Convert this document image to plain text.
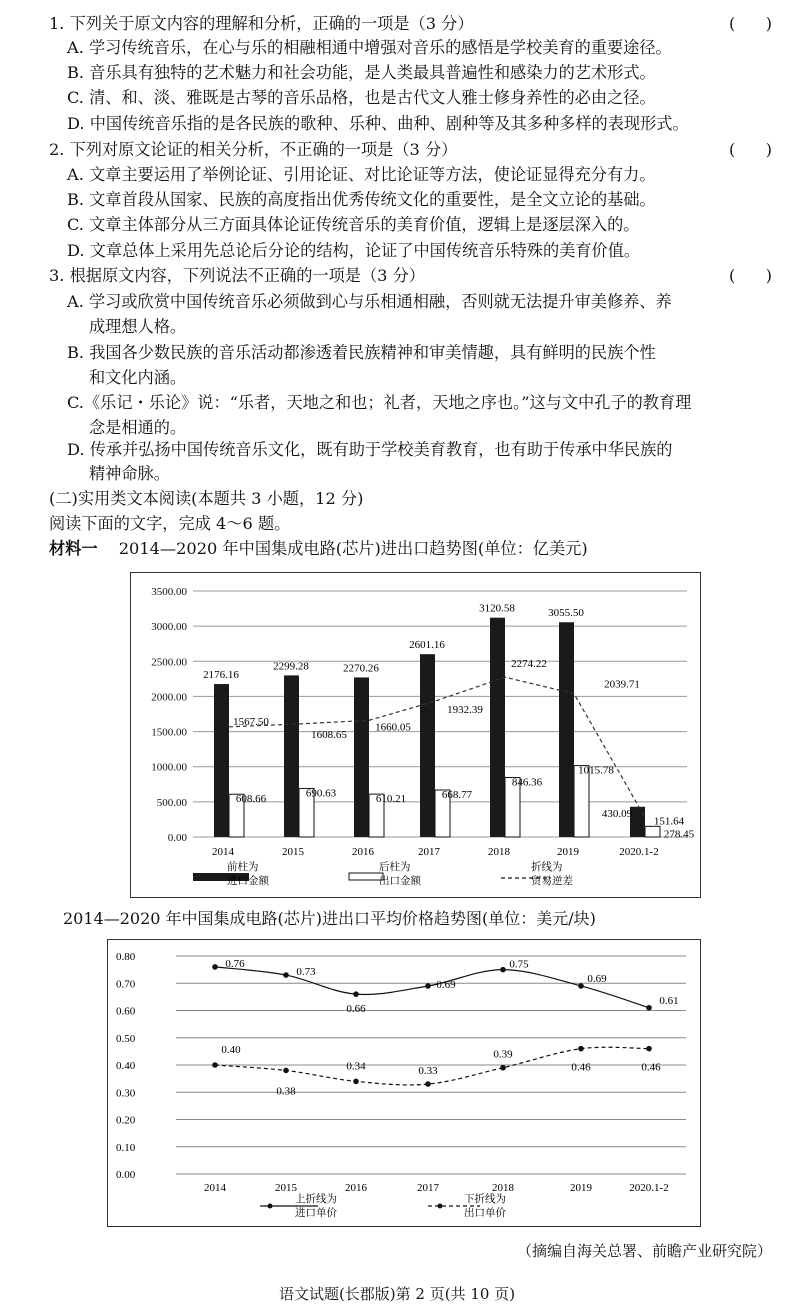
1. 下列关于原文内容的理解和分析，正确的一项是（3 分）	(      )
A. 学习传统音乐，在心与乐的相融相通中增强对音乐的感悟是学校美育的重要途径。
B. 音乐具有独特的艺术魅力和社会功能，是人类最具普遍性和感染力的艺术形式。
C. 清、和、淡、雅既是古琴的音乐品格，也是古代文人雅士修身养性的必由之径。
D. 中国传统音乐指的是各民族的歌种、乐种、曲种、剧种等及其多种多样的表现形式。
2. 下列对原文论证的相关分析，不正确的一项是（3 分）	(      )
A. 文章主要运用了举例论证、引用论证、对比论证等方法，使论证显得充分有力。
B. 文章首段从国家、民族的高度指出优秀传统文化的重要性，是全文立论的基础。
C. 文章主体部分从三方面具体论证传统音乐的美育价值，逻辑上是逐层深入的。
D. 文章总体上采用先总论后分论的结构，论证了中国传统音乐特殊的美育价值。
3. 根据原文内容，下列说法不正确的一项是（3 分）	(      )
A. 学习或欣赏中国传统音乐必须做到心与乐相通相融，否则就无法提升审美修养、养
成理想人格。
B. 我国各少数民族的音乐活动都渗透着民族精神和审美情趣，具有鲜明的民族个性
和文化内涵。
C.《乐记・乐论》说：“乐者，天地之和也；礼者，天地之序也。”这与文中孔子的教育理
念是相通的。
D. 传承并弘扬中国传统音乐文化，既有助于学校美育教育，也有助于传承中华民族的
精神命脉。
(二)实用类文本阅读(本题共 3 小题，12 分)
阅读下面的文字，完成 4～6 题。
材料一 2014—2020 年中国集成电路(芯片)进出口趋势图(单位：亿美元)
0.00
500.00
1000.00
1500.00
2000.00
2500.00
3000.00
3500.00
2014	2015	2016	2017	2018	2019	2020.1-2
2176.16
2299.28	2270.26
2601.16
3120.58	3055.50
430.09
608.66	690.63	610.21	668.77
846.36
1015.78
151.64
1567.50
1608.65
1660.05
1932.39
2274.22
2039.71
278.45
前柱为
进口金额
后柱为
出口金额
折线为
贸易逆差
2014—2020 年中国集成电路(芯片)进出口平均价格趋势图(单位：美元/块)
0.00
0.10
0.20
0.30
0.40
0.50
0.60
0.70
0.80
2014	2015	2016	2017	2018	2019	2020.1-2
0.76
0.73
0.66
0.69
0.75
0.69
0.61
0.40
0.38
0.34	0.33
0.39
0.46	0.46
上折线为
进口单价
下折线为
出口单价
（摘编自海关总署、前瞻产业研究院）
语文试题(长郡版)第 2 页(共 10 页)
